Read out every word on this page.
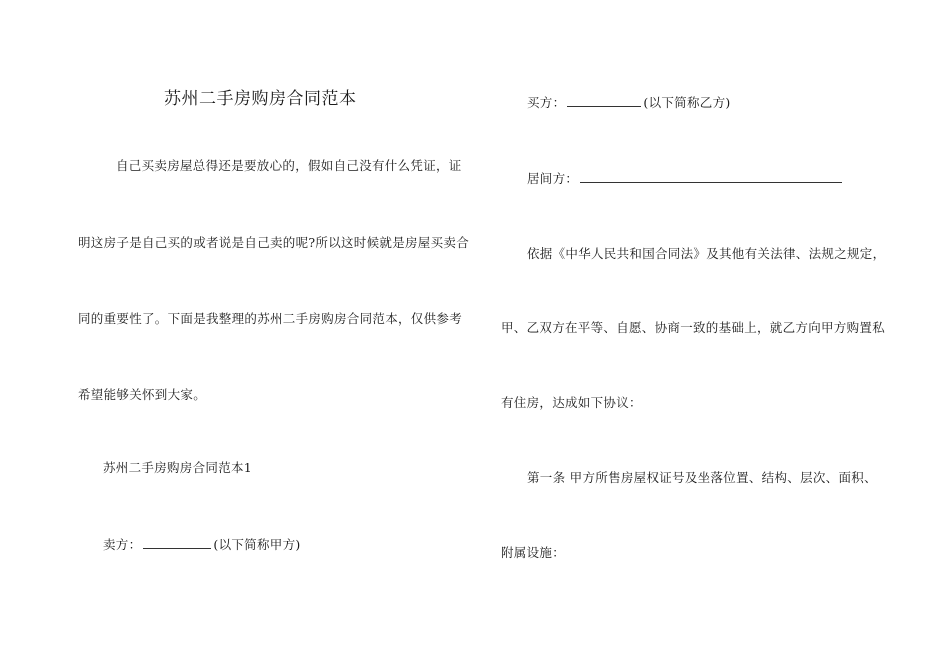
苏州二手房购房合同范本
自己买卖房屋总得还是要放心的，假如自己没有什么凭证，证
明这房子是自己买的或者说是自己卖的呢?所以这时候就是房屋买卖合
同的重要性了。下面是我整理的苏州二手房购房合同范本，仅供参考
希望能够关怀到大家。
苏州二手房购房合同范本1
卖方：	(以下简称甲方)
买方：	(以下简称乙方)
居间方：
依据《中华人民共和国合同法》及其他有关法律、法规之规定，
甲、乙双方在平等、自愿、协商一致的基础上，就乙方向甲方购置私
有住房，达成如下协议：
第一条 甲方所售房屋权证号及坐落位置、结构、层次、面积、
附属设施：
